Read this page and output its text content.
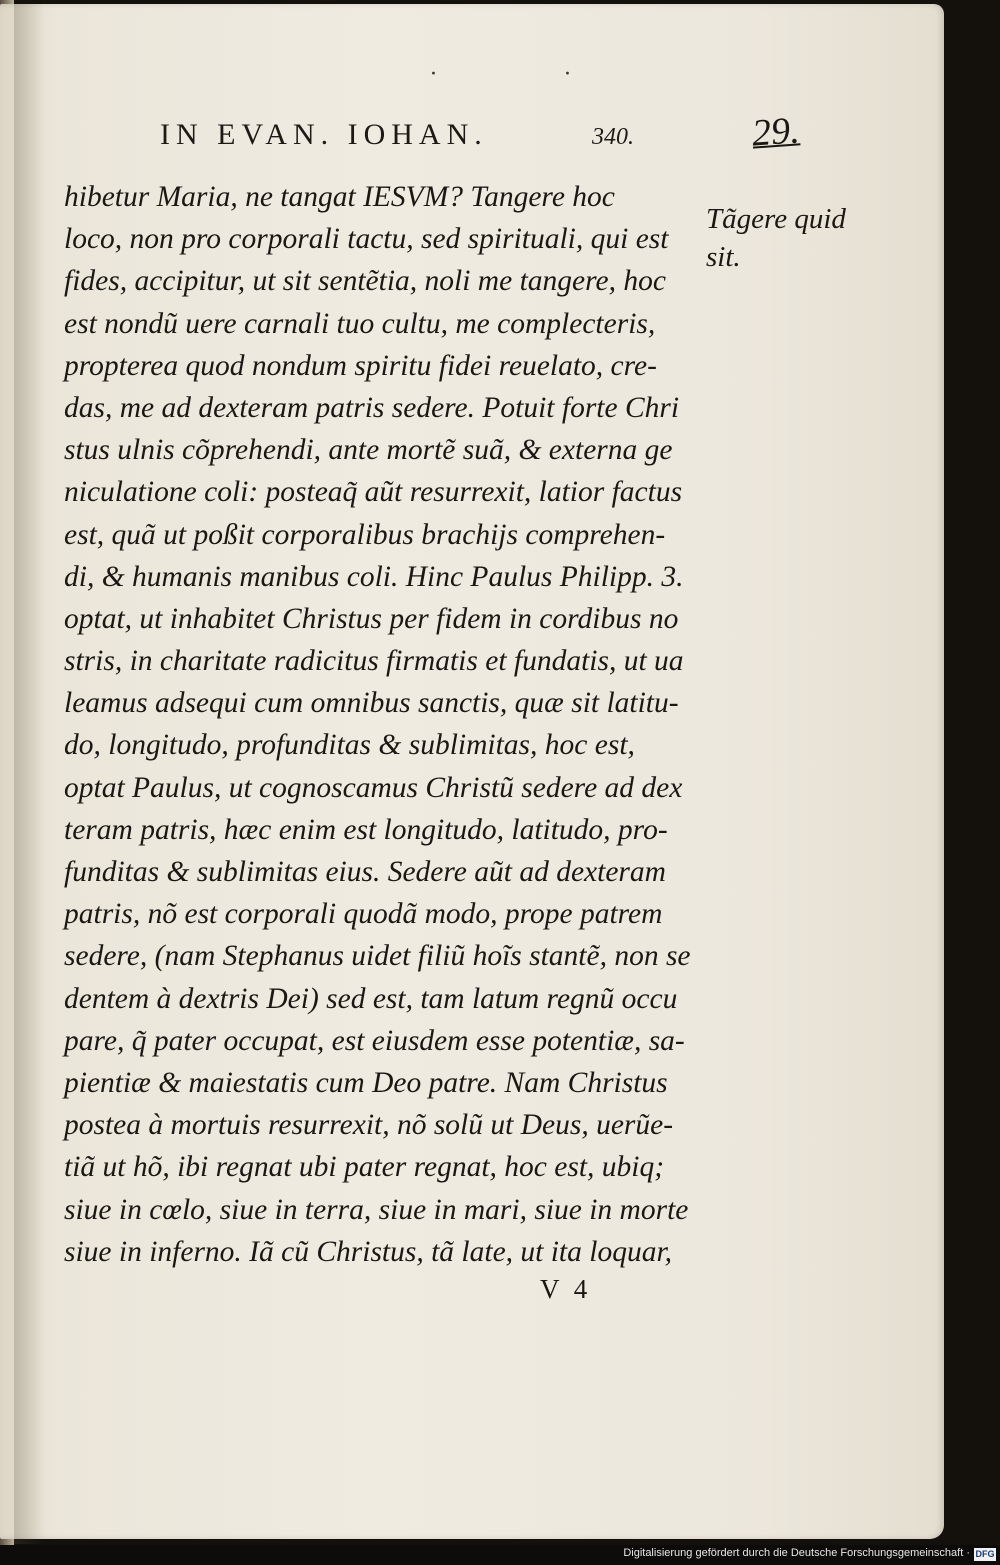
· ·
IN EVAN. IOHAN.	340.	29.
hibetur Maria, ne tangat IESVM? Tangere hoc
loco, non pro corporali tactu, sed spirituali, qui est
fides, accipitur, ut sit sentẽtia, noli me tangere, hoc
est nondũ uere carnali tuo cultu, me complecteris,
propterea quod nondum spiritu fidei reuelato, cre-
das, me ad dexteram patris sedere. Potuit forte Chri
stus ulnis cõprehendi, ante mortẽ suã, & externa ge
niculatione coli: posteaq̃ aũt resurrexit, latior factus
est, quã ut poßit corporalibus brachijs comprehen-
di, & humanis manibus coli. Hinc Paulus Philipp. 3.
optat, ut inhabitet Christus per fidem in cordibus no
stris, in charitate radicitus firmatis et fundatis, ut ua
leamus adsequi cum omnibus sanctis, quæ sit latitu-
do, longitudo, profunditas & sublimitas, hoc est,
optat Paulus, ut cognoscamus Christũ sedere ad dex
teram patris, hæc enim est longitudo, latitudo, pro-
funditas & sublimitas eius. Sedere aũt ad dexteram
patris, nõ est corporali quodã modo, prope patrem
sedere, (nam Stephanus uidet filiũ hoĩs stantẽ, non se
dentem à dextris Dei) sed est, tam latum regnũ occu
pare, q̃ pater occupat, est eiusdem esse potentiæ, sa-
pientiæ & maiestatis cum Deo patre. Nam Christus
postea à mortuis resurrexit, nõ solũ ut Deus, uerũe-
tiã ut hõ, ibi regnat ubi pater regnat, hoc est, ubiq;
siue in cœlo, siue in terra, siue in mari, siue in morte
siue in inferno. Iã cũ Christus, tã late, ut ita loquar,
Tãgere quid
sit.
V 4
Digitalisierung gefördert durch die Deutsche Forschungsgemeinschaft · DFG
